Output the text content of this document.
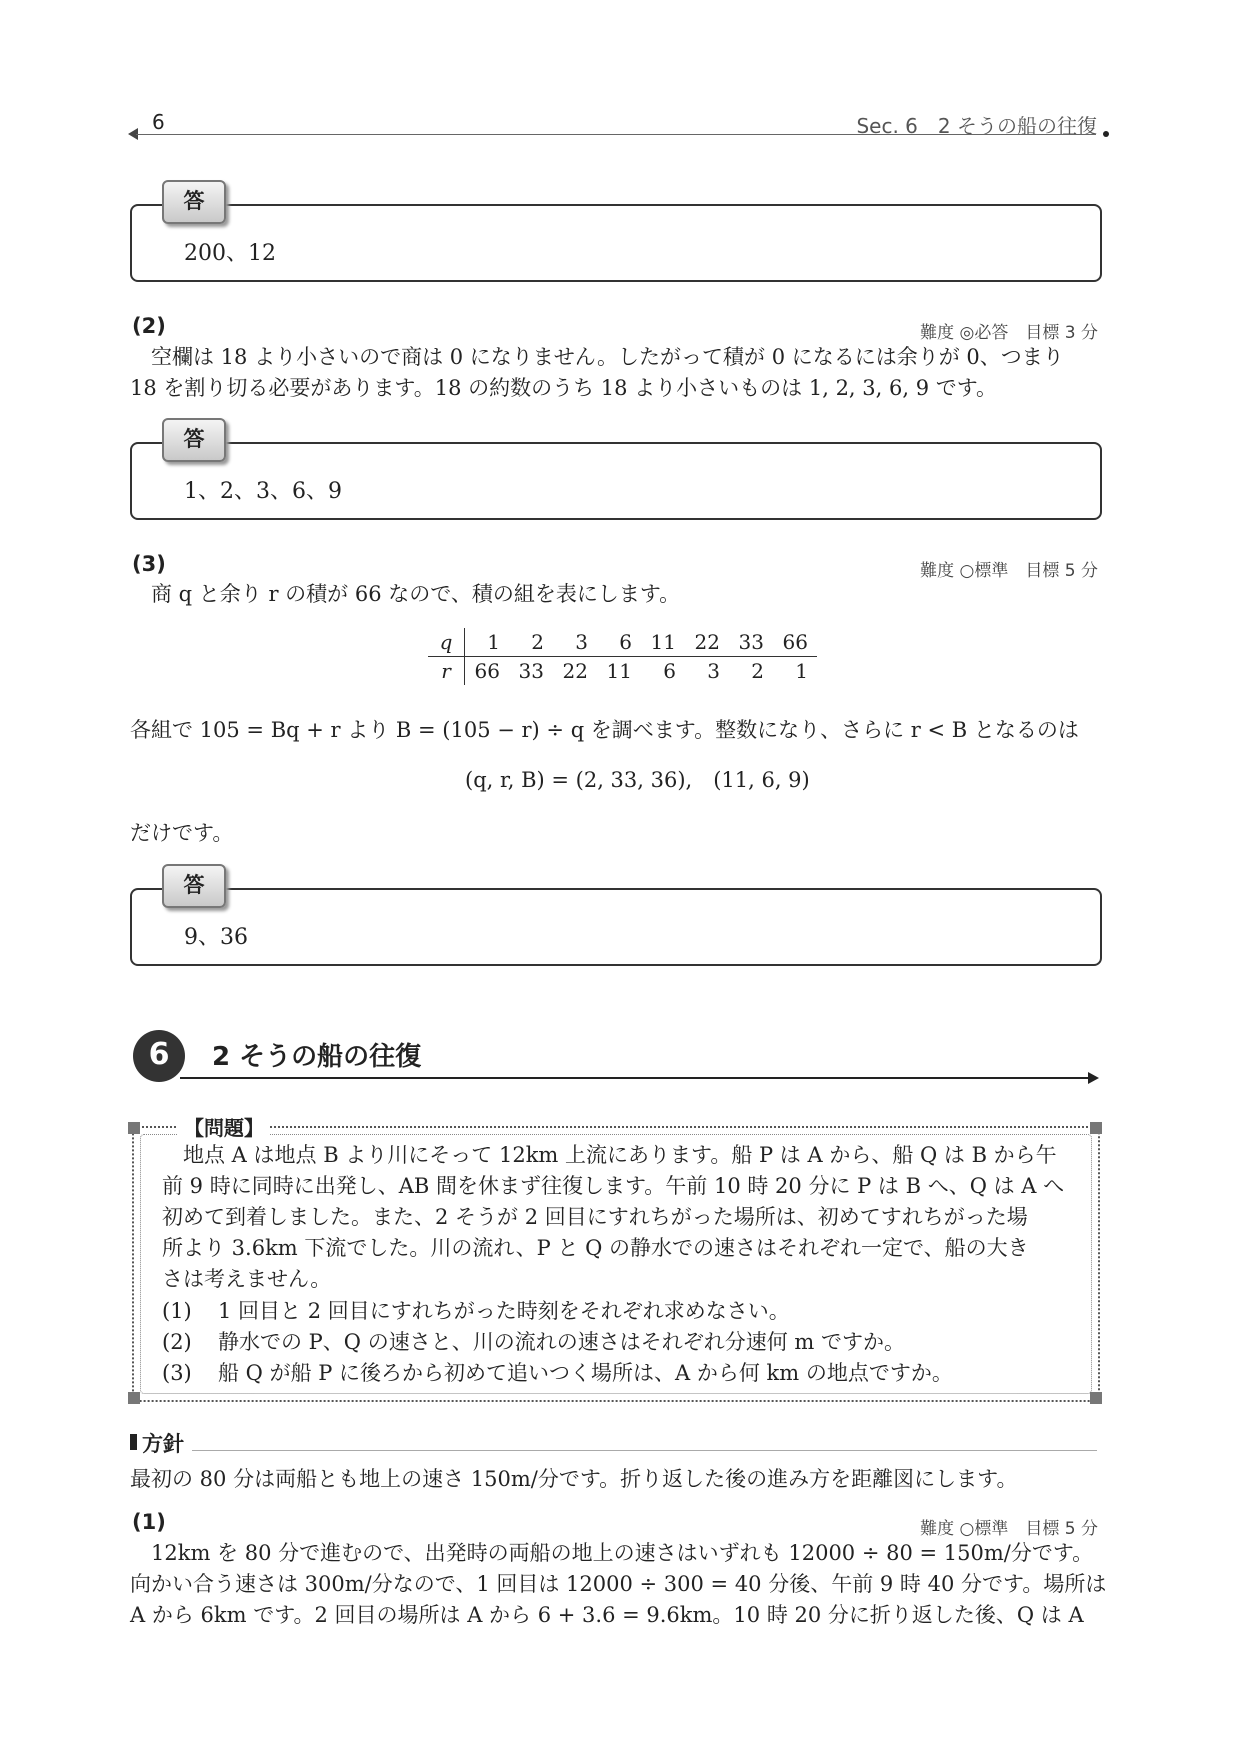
6	Sec. 6　2 そうの船の往復
答
200、12
(2)	難度 ◎必答　目標 3 分
　空欄は 18 より小さいので商は 0 になりません。したがって積が 0 になるには余りが 0、つまり
18 を割り切る必要があります。18 の約数のうち 18 より小さいものは 1, 2, 3, 6, 9 です。
答
1、2、3、6、9
(3)	難度 ○標準　目標 5 分
　商 q と余り r の積が 66 なので、積の組を表にします。
q	1	2	3	6	11	22	33	66
r	66	33	22	11	6	3	2	1
各組で 105 = Bq + r より B = (105 − r) ÷ q を調べます。整数になり、さらに r < B となるのは
(q, r, B) = (2, 33, 36),　(11, 6, 9)
だけです。
答
9、36
6	2 そうの船の往復
【問題】
　地点 A は地点 B より川にそって 12km 上流にあります。船 P は A から、船 Q は B から午
前 9 時に同時に出発し、AB 間を休まず往復します。午前 10 時 20 分に P は B へ、Q は A へ
初めて到着しました。また、2 そうが 2 回目にすれちがった場所は、初めてすれちがった場
所より 3.6km 下流でした。川の流れ、P と Q の静水での速さはそれぞれ一定で、船の大き
さは考えません。
(1) 1 回目と 2 回目にすれちがった時刻をそれぞれ求めなさい。
(2) 静水での P、Q の速さと、川の流れの速さはそれぞれ分速何 m ですか。
(3) 船 Q が船 P に後ろから初めて追いつく場所は、A から何 km の地点ですか。
方針
最初の 80 分は両船とも地上の速さ 150m/分です。折り返した後の進み方を距離図にします。
(1)	難度 ○標準　目標 5 分
　12km を 80 分で進むので、出発時の両船の地上の速さはいずれも 12000 ÷ 80 = 150m/分です。
向かい合う速さは 300m/分なので、1 回目は 12000 ÷ 300 = 40 分後、午前 9 時 40 分です。場所は
A から 6km です。2 回目の場所は A から 6 + 3.6 = 9.6km。10 時 20 分に折り返した後、Q は A
